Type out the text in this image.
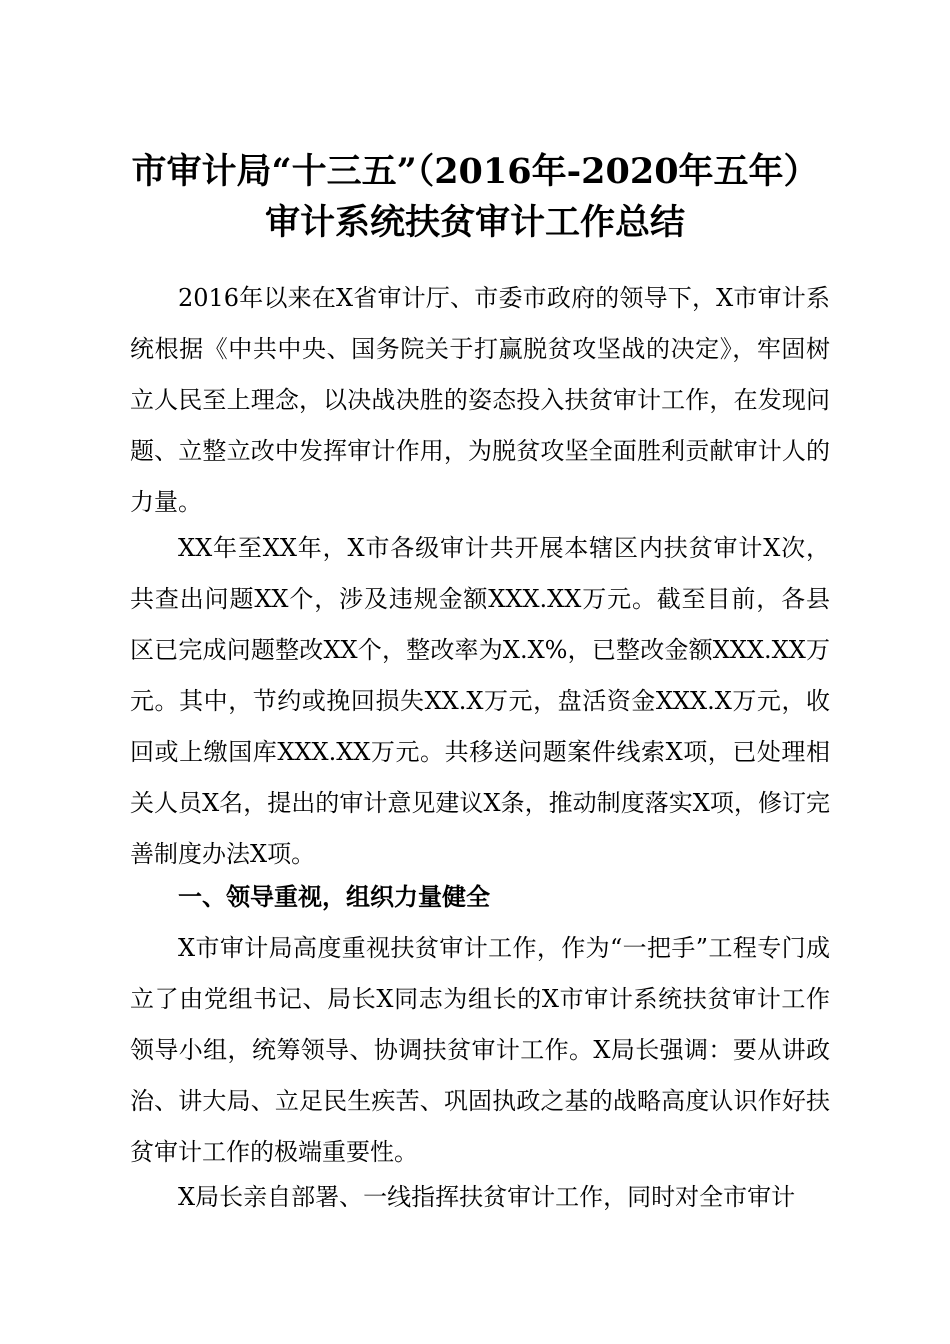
市审计局“十三五”（2016年-2020年五年）
审计系统扶贫审计工作总结

2016年以来在X省审计厅、市委市政府的领导下，X市审计系统根据《中共中央、国务院关于打赢脱贫攻坚战的决定》，牢固树立人民至上理念，以决战决胜的姿态投入扶贫审计工作，在发现问题、立整立改中发挥审计作用，为脱贫攻坚全面胜利贡献审计人的力量。

XX年至XX年，X市各级审计共开展本辖区内扶贫审计X次，共查出问题XX个，涉及违规金额XXX.XX万元。截至目前，各县区已完成问题整改XX个，整改率为X.X%，已整改金额XXX.XX万元。其中，节约或挽回损失XX.X万元，盘活资金XXX.X万元，收回或上缴国库XXX.XX万元。共移送问题案件线索X项，已处理相关人员X名，提出的审计意见建议X条，推动制度落实X项，修订完善制度办法X项。

一、领导重视，组织力量健全

X市审计局高度重视扶贫审计工作，作为“一把手”工程专门成立了由党组书记、局长X同志为组长的X市审计系统扶贫审计工作领导小组，统筹领导、协调扶贫审计工作。X局长强调：要从讲政治、讲大局、立足民生疾苦、巩固执政之基的战略高度认识作好扶贫审计工作的极端重要性。

X局长亲自部署、一线指挥扶贫审计工作，同时对全市审计
